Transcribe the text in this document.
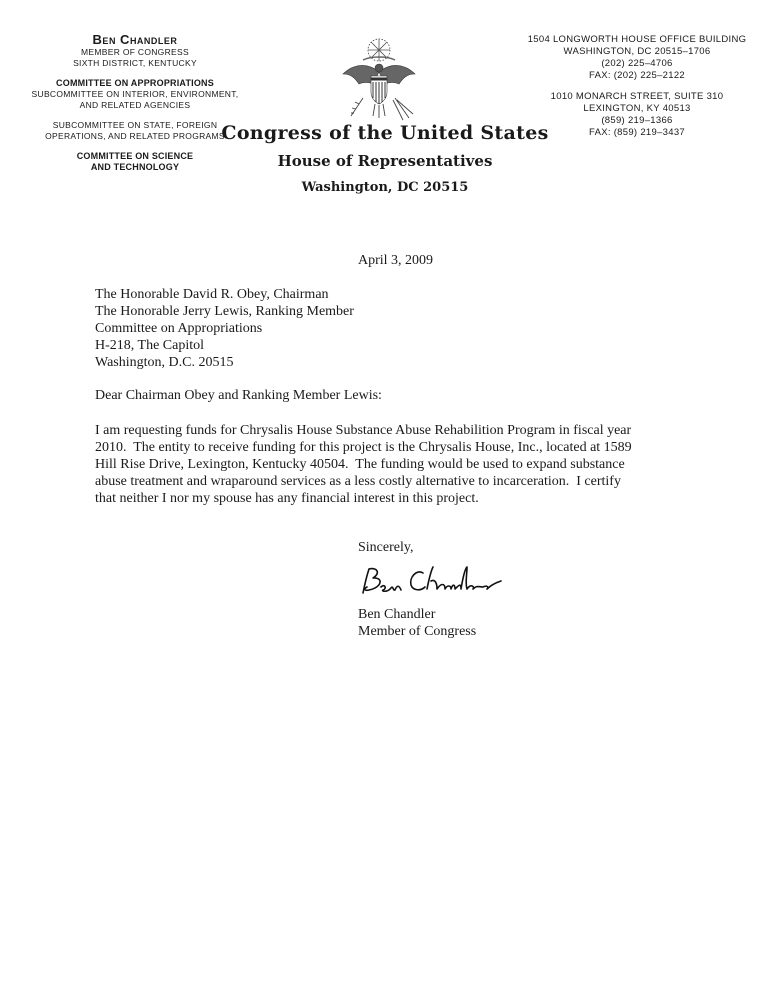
Ben Chandler
MEMBER OF CONGRESS
SIXTH DISTRICT, KENTUCKY
COMMITTEE ON APPROPRIATIONS
SUBCOMMITTEE ON INTERIOR, ENVIRONMENT,
AND RELATED AGENCIES
SUBCOMMITTEE ON STATE, FOREIGN
OPERATIONS, AND RELATED PROGRAMS
COMMITTEE ON SCIENCE
AND TECHNOLOGY
Congress of the United States
House of Representatives
Washington, DC 20515
1504 LONGWORTH HOUSE OFFICE BUILDING
WASHINGTON, DC 20515–1706
(202) 225–4706
FAX: (202) 225–2122
1010 MONARCH STREET, SUITE 310
LEXINGTON, KY 40513
(859) 219–1366
FAX: (859) 219–3437
April 3, 2009
The Honorable David R. Obey, Chairman
The Honorable Jerry Lewis, Ranking Member
Committee on Appropriations
H-218, The Capitol
Washington, D.C. 20515
Dear Chairman Obey and Ranking Member Lewis:
I am requesting funds for Chrysalis House Substance Abuse Rehabilition Program in fiscal year
2010.  The entity to receive funding for this project is the Chrysalis House, Inc., located at 1589
Hill Rise Drive, Lexington, Kentucky 40504.  The funding would be used to expand substance
abuse treatment and wraparound services as a less costly alternative to incarceration.  I certify
that neither I nor my spouse has any financial interest in this project.
Sincerely,
Ben Chandler
Member of Congress
